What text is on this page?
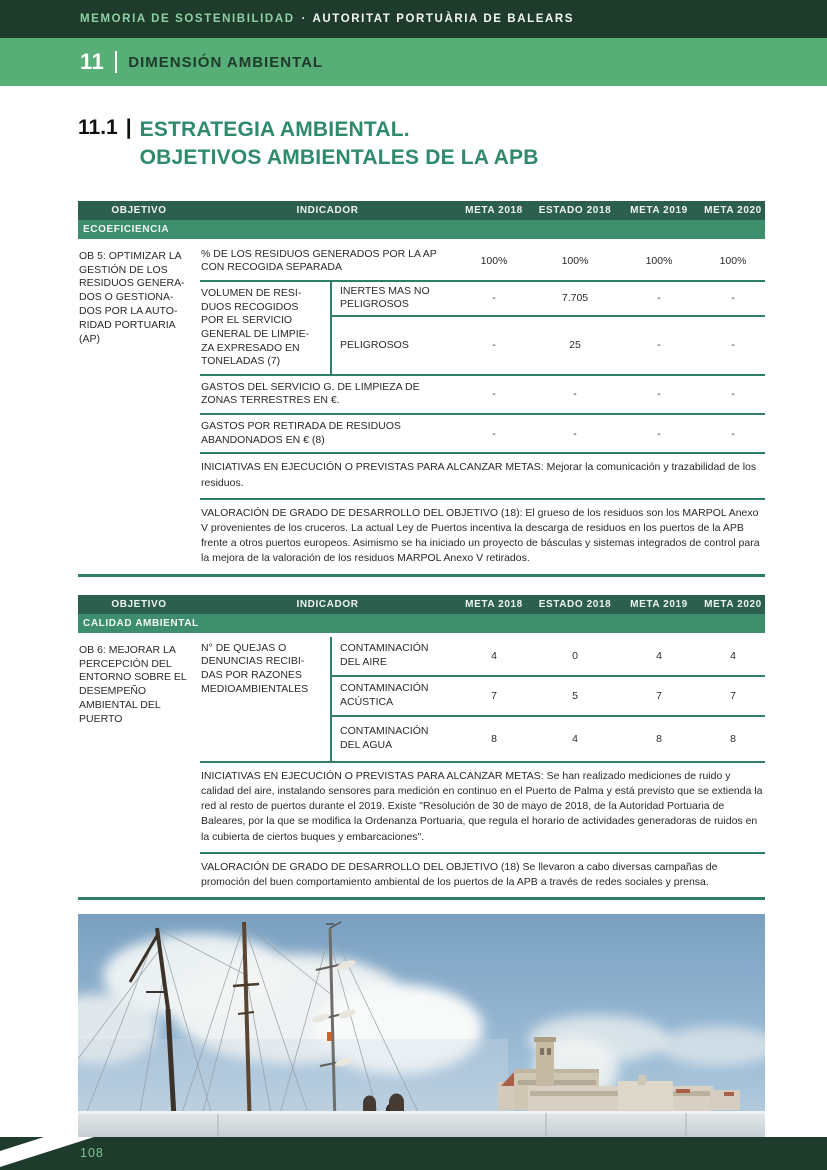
MEMORIA DE SOSTENIBILIDAD · AUTORITAT PORTUÀRIA DE BALEARS
11 DIMENSIÓN AMBIENTAL
11.1 | ESTRATEGIA AMBIENTAL.
OBJETIVOS AMBIENTALES DE LA APB
OBJETIVO	INDICADOR	META 2018	ESTADO 2018	META 2019	META 2020
ECOEFICIENCIA
OB 5: OPTIMIZAR LA GESTIÓN DE LOS RESIDUOS GENERA-DOS O GESTIONA-DOS POR LA AUTO-RIDAD PORTUARIA (AP)
% DE LOS RESIDUOS GENERADOS POR LA AP CON RECOGIDA SEPARADA	100%	100%	100%	100%
VOLUMEN DE RESI-DUOS RECOGIDOS POR EL SERVICIO GENERAL DE LIMPIE-ZA EXPRESADO EN TONELADAS (7)
INERTES MAS NO PELIGROSOS	-	7.705	-	-
PELIGROSOS	-	25	-	-
GASTOS DEL SERVICIO G. DE LIMPIEZA DE ZONAS TERRESTRES EN €.	-	-	-	-
GASTOS POR RETIRADA DE RESIDUOS ABANDONADOS EN € (8)	-	-	-	-
INICIATIVAS EN EJECUCIÓN O PREVISTAS PARA ALCANZAR METAS: Mejorar la comunicación y trazabilidad de los residuos.
VALORACIÓN DE GRADO DE DESARROLLO DEL OBJETIVO (18): El grueso de los residuos son los MARPOL Anexo V provenientes de los cruceros. La actual Ley de Puertos incentiva la descarga de residuos en los puertos de la APB frente a otros puertos europeos. Asimismo se ha iniciado un proyecto de básculas y sistemas integrados de control para la mejora de la valoración de los residuos MARPOL Anexo V retirados.
OBJETIVO	INDICADOR	META 2018	ESTADO 2018	META 2019	META 2020
CALIDAD AMBIENTAL
OB 6: MEJORAR LA PERCEPCIÓN DEL ENTORNO SOBRE EL DESEMPEÑO AMBIENTAL DEL PUERTO
N° DE QUEJAS O DENUNCIAS RECIBI-DAS POR RAZONES MEDIOAMBIENTALES
CONTAMINACIÓN DEL AIRE	4	0	4	4
CONTAMINACIÓN ACÚSTICA	7	5	7	7
CONTAMINACIÓN DEL AGUA	8	4	8	8
INICIATIVAS EN EJECUCIÓN O PREVISTAS PARA ALCANZAR METAS: Se han realizado mediciones de ruido y calidad del aire, instalando sensores para medición en continuo en el Puerto de Palma y está previsto que se extienda la red al resto de puertos durante el 2019. Existe "Resolución de 30 de mayo de 2018, de la Autoridad Portuaria de Baleares, por la que se modifica la Ordenanza Portuaria, que regula el horario de actividades generadoras de ruidos en la cubierta de ciertos buques y embarcaciones".
VALORACIÓN DE GRADO DE DESARROLLO DEL OBJETIVO (18) Se llevaron a cabo diversas campañas de promoción del buen comportamiento ambiental de los puertos de la APB a través de redes sociales y prensa.
108
